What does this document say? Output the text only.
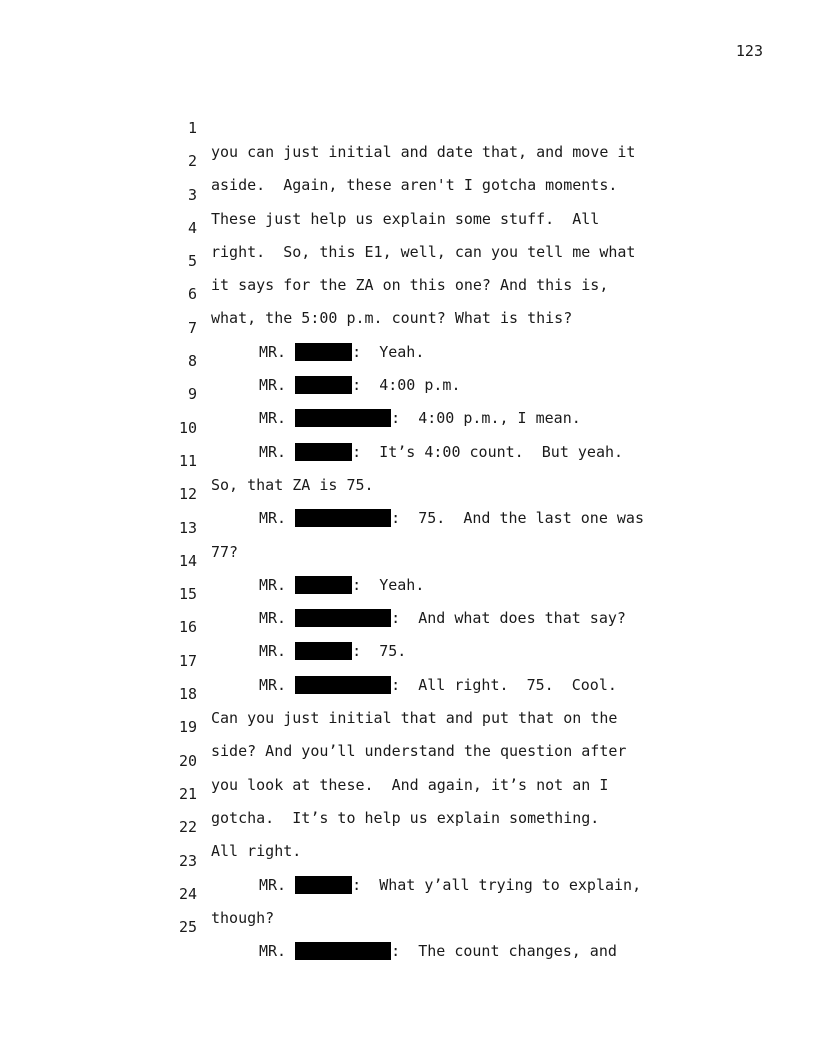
123

1

you can just initial and date that, and move it

2

aside.  Again, these aren't I gotcha moments.

3

These just help us explain some stuff.  All

4

right.  So, this E1, well, can you tell me what

5

it says for the ZA on this one? And this is,

6

what, the 5:00 p.m. count? What is this?

7

MR.	:  Yeah.

8

MR.	:  4:00 p.m.

9

MR.	:  4:00 p.m., I mean.

10

MR.	:  It’s 4:00 count.  But yeah.

11

So, that ZA is 75.

12

MR.	:  75.  And the last one was

13

77?

14

MR.	:  Yeah.

15

MR.	:  And what does that say?

16

MR.	:  75.

17

MR.	:  All right.  75.  Cool.

18

Can you just initial that and put that on the

19

side? And you’ll understand the question after

20

you look at these.  And again, it’s not an I

21

gotcha.  It’s to help us explain something.

22

All right.

23

MR.	:  What y’all trying to explain,

24

though?

25

MR.	:  The count changes, and
